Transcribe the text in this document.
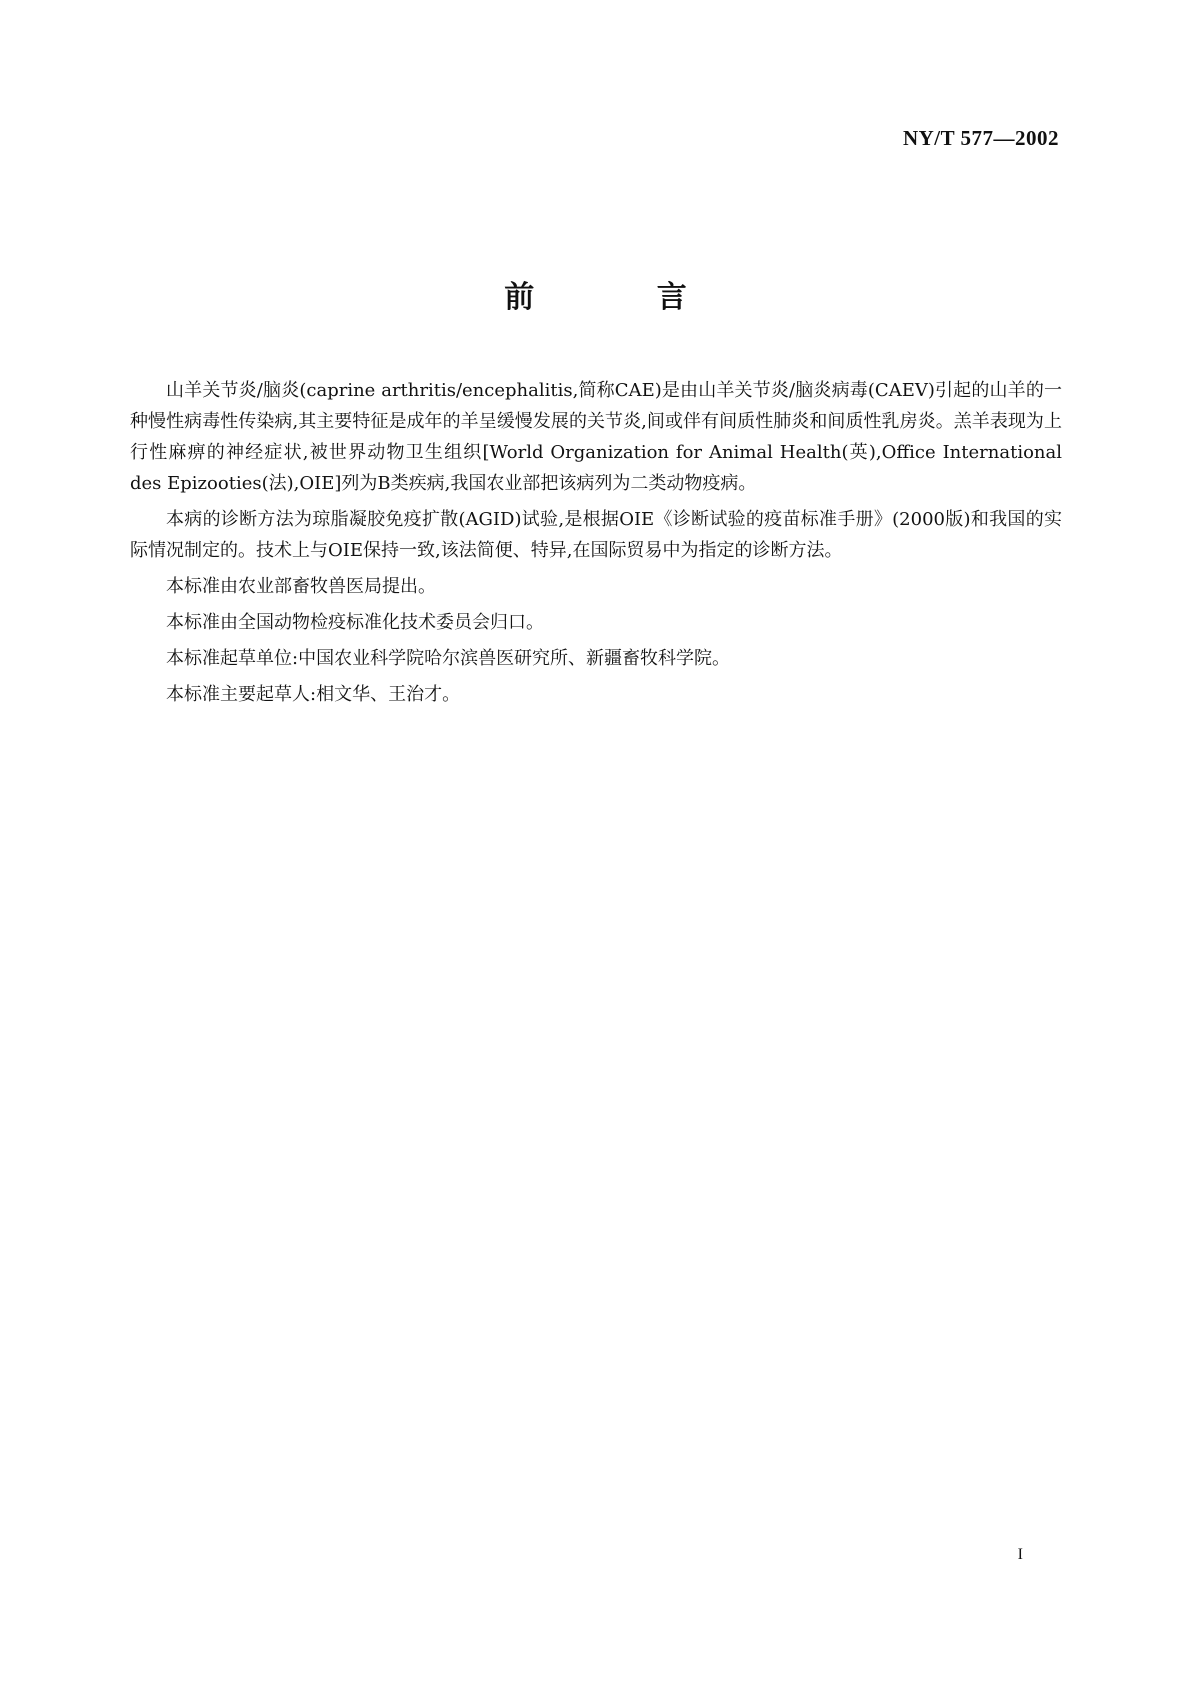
NY/T 577—2002
前 言

山羊关节炎/脑炎(caprine arthritis/encephalitis,简称CAE)是由山羊关节炎/脑炎病毒(CAEV)引起的山羊的一种慢性病毒性传染病,其主要特征是成年的羊呈缓慢发展的关节炎,间或伴有间质性肺炎和间质性乳房炎。羔羊表现为上行性麻痹的神经症状,被世界动物卫生组织[World Organization for Animal Health(英),Office International des Epizooties(法),OIE]列为B类疾病,我国农业部把该病列为二类动物疫病。

本病的诊断方法为琼脂凝胶免疫扩散(AGID)试验,是根据OIE《诊断试验的疫苗标准手册》(2000版)和我国的实际情况制定的。技术上与OIE保持一致,该法简便、特异,在国际贸易中为指定的诊断方法。

本标准由农业部畜牧兽医局提出。

本标准由全国动物检疫标准化技术委员会归口。

本标准起草单位:中国农业科学院哈尔滨兽医研究所、新疆畜牧科学院。

本标准主要起草人:相文华、王治才。

I
